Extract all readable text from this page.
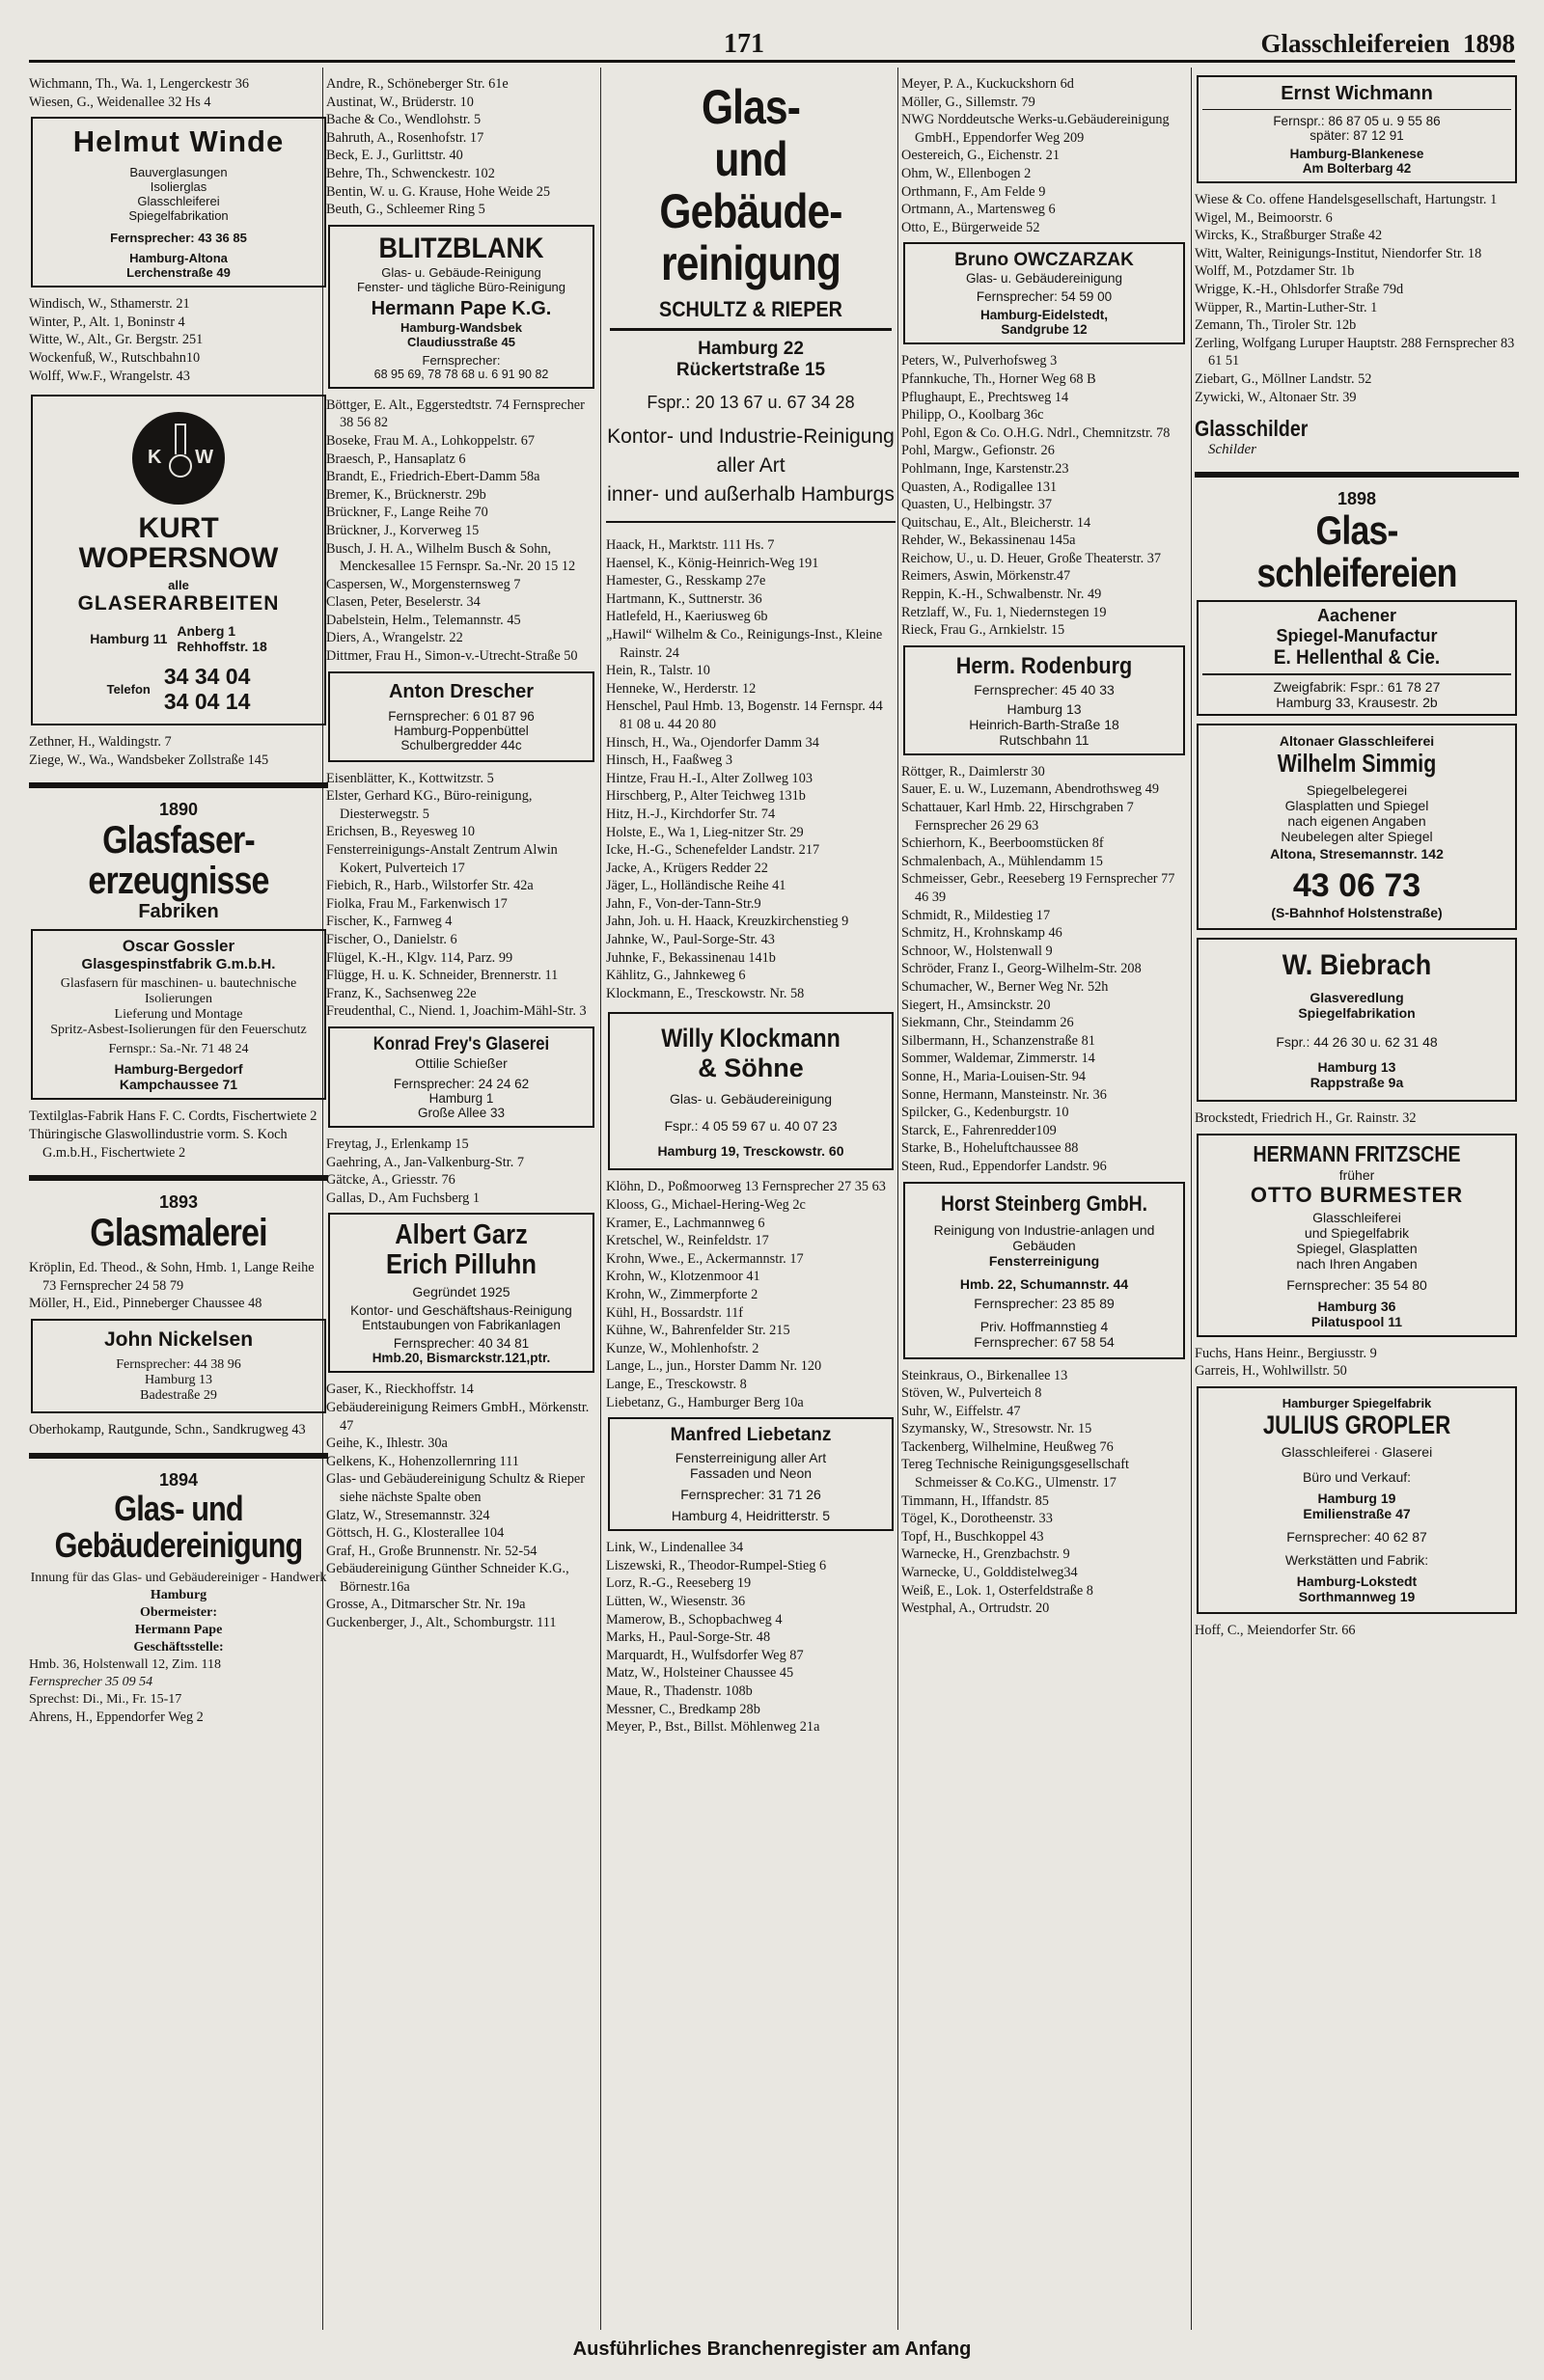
171	Glasschleifereien 1898
Wichmann, Th., Wa. 1, Lengerckestr 36
Wiesen, G., Weidenallee 32 Hs 4
Helmut Winde
Bauverglasungen
Isolierglas
Glasschleiferei
Spiegelfabrikation
Fernsprecher: 43 36 85
Hamburg-Altona
Lerchenstraße 49
Windisch, W., Sthamerstr. 21
Winter, P., Alt. 1, Boninstr 4
Witte, W., Alt., Gr. Bergstr. 251
Wockenfuß, W., Rutschbahn10
Wolff, Ww.F., Wrangelstr. 43
K W
KURT
WOPERSNOW
alle
GLASERARBEITEN
Hamburg 11 Anberg 1
Rehhoffstr. 18
Telefon 34 34 04
34 04 14
Zethner, H., Waldingstr. 7
Ziege, W., Wa., Wandsbeker Zollstraße 145
1890
Glasfaser-erzeugnisse
Fabriken
Oscar Gossler
Glasgespinstfabrik G.m.b.H.
Glasfasern für maschinen- u. bautechnische Isolierungen
Lieferung und Montage
Spritz-Asbest-Isolierungen für den Feuerschutz
Fernspr.: Sa.-Nr. 71 48 24
Hamburg-Bergedorf
Kampchaussee 71
Textilglas-Fabrik Hans F. C. Cordts, Fischertwiete 2
Thüringische Glaswollindustrie vorm. S. Koch G.m.b.H., Fischertwiete 2
1893
Glasmalerei
Kröplin, Ed. Theod., & Sohn, Hmb. 1, Lange Reihe 73 Fernsprecher 24 58 79
Möller, H., Eid., Pinneberger Chaussee 48
John Nickelsen
Fernsprecher: 44 38 96
Hamburg 13
Badestraße 29
Oberhokamp, Rautgunde, Schn., Sandkrugweg 43
1894
Glas- und Gebäudereinigung
Innung für das Glas- und Gebäudereiniger - Handwerk
Hamburg
Obermeister:
Hermann Pape
Geschäftsstelle:
Hmb. 36, Holstenwall 12, Zim. 118
Fernsprecher 35 09 54
Sprechst: Di., Mi., Fr. 15-17
Ahrens, H., Eppendorfer Weg 2
Andre, R., Schöneberger Str. 61e
Austinat, W., Brüderstr. 10
Bache & Co., Wendlohstr. 5
Bahruth, A., Rosenhofstr. 17
Beck, E. J., Gurlittstr. 40
Behre, Th., Schwenckestr. 102
Bentin, W. u. G. Krause, Hohe Weide 25
Beuth, G., Schleemer Ring 5
BLITZBLANK
Glas- u. Gebäude-Reinigung
Fenster- und tägliche Büro-Reinigung
Hermann Pape K.G.
Hamburg-Wandsbek
Claudiusstraße 45
Fernsprecher:
68 95 69, 78 78 68 u. 6 91 90 82
Böttger, E. Alt., Eggerstedtstr. 74 Fernsprecher 38 56 82
Boseke, Frau M. A., Lohkoppelstr. 67
Braesch, P., Hansaplatz 6
Brandt, E., Friedrich-Ebert-Damm 58a
Bremer, K., Brücknerstr. 29b
Brückner, F., Lange Reihe 70
Brückner, J., Korverweg 15
Busch, J. H. A., Wilhelm Busch & Sohn, Menckesallee 15 Fernspr. Sa.-Nr. 20 15 12
Caspersen, W., Morgensternsweg 7
Clasen, Peter, Beselerstr. 34
Dabelstein, Helm., Telemannstr. 45
Diers, A., Wrangelstr. 22
Dittmer, Frau H., Simon-v.-Utrecht-Straße 50
Anton Drescher
Fernsprecher: 6 01 87 96
Hamburg-Poppenbüttel
Schulbergredder 44c
Eisenblätter, K., Kottwitzstr. 5
Elster, Gerhard KG., Büro-reinigung, Diesterwegstr. 5
Erichsen, B., Reyesweg 10
Fensterreinigungs-Anstalt Zentrum Alwin Kokert, Pulverteich 17
Fiebich, R., Harb., Wilstorfer Str. 42a
Fiolka, Frau M., Farkenwisch 17
Fischer, K., Farnweg 4
Fischer, O., Danielstr. 6
Flügel, K.-H., Klgv. 114, Parz. 99
Flügge, H. u. K. Schneider, Brennerstr. 11
Franz, K., Sachsenweg 22e
Freudenthal, C., Niend. 1, Joachim-Mähl-Str. 3
Konrad Frey's Glaserei
Ottilie Schießer
Fernsprecher: 24 24 62
Hamburg 1
Große Allee 33
Freytag, J., Erlenkamp 15
Gaehring, A., Jan-Valkenburg-Str. 7
Gätcke, A., Griesstr. 76
Gallas, D., Am Fuchsberg 1
Albert Garz
Erich Pilluhn
Gegründet 1925
Kontor- und Geschäftshaus-Reinigung
Entstaubungen von Fabrikanlagen
Fernsprecher: 40 34 81
Hmb.20, Bismarckstr.121,ptr.
Gaser, K., Rieckhoffstr. 14
Gebäudereinigung Reimers GmbH., Mörkenstr. 47
Geihe, K., Ihlestr. 30a
Gelkens, K., Hohenzollernring 111
Glas- und Gebäudereinigung Schultz & Rieper siehe nächste Spalte oben
Glatz, W., Stresemannstr. 324
Göttsch, H. G., Klosterallee 104
Graf, H., Große Brunnenstr. Nr. 52-54
Gebäudereinigung Günther Schneider K.G., Börnestr.16a
Grosse, A., Ditmarscher Str. Nr. 19a
Guckenberger, J., Alt., Schomburgstr. 111
Glas-
und Gebäude-
reinigung
SCHULTZ & RIEPER
Hamburg 22
Rückertstraße 15
Fspr.: 20 13 67 u. 67 34 28
Kontor- und Industrie-Reinigung aller Art
inner- und außerhalb Hamburgs
Haack, H., Marktstr. 111 Hs. 7
Haensel, K., König-Heinrich-Weg 191
Hamester, G., Resskamp 27e
Hartmann, K., Suttnerstr. 36
Hatlefeld, H., Kaeriusweg 6b
„Hawil“ Wilhelm & Co., Reinigungs-Inst., Kleine Rainstr. 24
Hein, R., Talstr. 10
Henneke, W., Herderstr. 12
Henschel, Paul Hmb. 13, Bogenstr. 14 Fernspr. 44 81 08 u. 44 20 80
Hinsch, H., Wa., Ojendorfer Damm 34
Hinsch, H., Faaßweg 3
Hintze, Frau H.-I., Alter Zollweg 103
Hirschberg, P., Alter Teichweg 131b
Hitz, H.-J., Kirchdorfer Str. 74
Holste, E., Wa 1, Lieg-nitzer Str. 29
Icke, H.-G., Schenefelder Landstr. 217
Jacke, A., Krügers Redder 22
Jäger, L., Holländische Reihe 41
Jahn, F., Von-der-Tann-Str.9
Jahn, Joh. u. H. Haack, Kreuzkirchenstieg 9
Jahnke, W., Paul-Sorge-Str. 43
Juhnke, F., Bekassinenau 141b
Kählitz, G., Jahnkeweg 6
Klockmann, E., Tresckowstr. Nr. 58
Willy Klockmann
& Söhne
Glas- u. Gebäudereinigung
Fspr.: 4 05 59 67 u. 40 07 23
Hamburg 19, Tresckowstr. 60
Klöhn, D., Poßmoorweg 13 Fernsprecher 27 35 63
Klooss, G., Michael-Hering-Weg 2c
Kramer, E., Lachmannweg 6
Kretschel, W., Reinfeldstr. 17
Krohn, Wwe., E., Ackermannstr. 17
Krohn, W., Klotzenmoor 41
Krohn, W., Zimmerpforte 2
Kühl, H., Bossardstr. 11f
Kühne, W., Bahrenfelder Str. 215
Kunze, W., Mohlenhofstr. 2
Lange, L., jun., Horster Damm Nr. 120
Lange, E., Tresckowstr. 8
Liebetanz, G., Hamburger Berg 10a
Manfred Liebetanz
Fensterreinigung aller Art
Fassaden und Neon
Fernsprecher: 31 71 26
Hamburg 4, Heidritterstr. 5
Link, W., Lindenallee 34
Liszewski, R., Theodor-Rumpel-Stieg 6
Lorz, R.-G., Reeseberg 19
Lütten, W., Wiesenstr. 36
Mamerow, B., Schopbachweg 4
Marks, H., Paul-Sorge-Str. 48
Marquardt, H., Wulfsdorfer Weg 87
Matz, W., Holsteiner Chaussee 45
Maue, R., Thadenstr. 108b
Messner, C., Bredkamp 28b
Meyer, P., Bst., Billst. Möhlenweg 21a
Meyer, P. A., Kuckuckshorn 6d
Möller, G., Sillemstr. 79
NWG Norddeutsche Werks-u.Gebäudereinigung GmbH., Eppendorfer Weg 209
Oestereich, G., Eichenstr. 21
Ohm, W., Ellenbogen 2
Orthmann, F., Am Felde 9
Ortmann, A., Martensweg 6
Otto, E., Bürgerweide 52
Bruno OWCZARZAK
Glas- u. Gebäudereinigung
Fernsprecher: 54 59 00
Hamburg-Eidelstedt,
Sandgrube 12
Peters, W., Pulverhofsweg 3
Pfannkuche, Th., Horner Weg 68 B
Pflughaupt, E., Prechtsweg 14
Philipp, O., Koolbarg 36c
Pohl, Egon & Co. O.H.G. Ndrl., Chemnitzstr. 78
Pohl, Margw., Gefionstr. 26
Pohlmann, Inge, Karstenstr.23
Quasten, A., Rodigallee 131
Quasten, U., Helbingstr. 37
Quitschau, E., Alt., Bleicherstr. 14
Rehder, W., Bekassinenau 145a
Reichow, U., u. D. Heuer, Große Theaterstr. 37
Reimers, Aswin, Mörkenstr.47
Reppin, K.-H., Schwalbenstr. Nr. 49
Retzlaff, W., Fu. 1, Niedernstegen 19
Rieck, Frau G., Arnkielstr. 15
Herm. Rodenburg
Fernsprecher: 45 40 33
Hamburg 13
Heinrich-Barth-Straße 18
Rutschbahn 11
Röttger, R., Daimlerstr 30
Sauer, E. u. W., Luzemann, Abendrothsweg 49
Schattauer, Karl Hmb. 22, Hirschgraben 7 Fernsprecher 26 29 63
Schierhorn, K., Beerboomstücken 8f
Schmalenbach, A., Mühlendamm 15
Schmeisser, Gebr., Reeseberg 19 Fernsprecher 77 46 39
Schmidt, R., Mildestieg 17
Schmitz, H., Krohnskamp 46
Schnoor, W., Holstenwall 9
Schröder, Franz I., Georg-Wilhelm-Str. 208
Schumacher, W., Berner Weg Nr. 52h
Siegert, H., Amsinckstr. 20
Siekmann, Chr., Steindamm 26
Silbermann, H., Schanzenstraße 81
Sommer, Waldemar, Zimmerstr. 14
Sonne, H., Maria-Louisen-Str. 94
Sonne, Hermann, Mansteinstr. Nr. 36
Spilcker, G., Kedenburgstr. 10
Starck, E., Fahrenredder109
Starke, B., Hoheluftchaussee 88
Steen, Rud., Eppendorfer Landstr. 96
Horst Steinberg GmbH.
Reinigung von Industrie-anlagen und Gebäuden
Fensterreinigung
Hmb. 22, Schumannstr. 44
Fernsprecher: 23 85 89
Priv. Hoffmannstieg 4
Fernsprecher: 67 58 54
Steinkraus, O., Birkenallee 13
Stöven, W., Pulverteich 8
Suhr, W., Eiffelstr. 47
Szymansky, W., Stresowstr. Nr. 15
Tackenberg, Wilhelmine, Heußweg 76
Tereg Technische Reinigungsgesellschaft Schmeisser & Co.KG., Ulmenstr. 17
Timmann, H., Iffandstr. 85
Tögel, K., Dorotheenstr. 33
Topf, H., Buschkoppel 43
Warnecke, H., Grenzbachstr. 9
Warnecke, U., Golddistelweg34
Weiß, E., Lok. 1, Osterfeldstraße 8
Westphal, A., Ortrudstr. 20
Ernst Wichmann
Fernspr.: 86 87 05 u. 9 55 86
später: 87 12 91
Hamburg-Blankenese
Am Bolterbarg 42
Wiese & Co. offene Handelsgesellschaft, Hartungstr. 1
Wigel, M., Beimoorstr. 6
Wircks, K., Straßburger Straße 42
Witt, Walter, Reinigungs-Institut, Niendorfer Str. 18
Wolff, M., Potzdamer Str. 1b
Wrigge, K.-H., Ohlsdorfer Straße 79d
Wüpper, R., Martin-Luther-Str. 1
Zemann, Th., Tiroler Str. 12b
Zerling, Wolfgang Luruper Hauptstr. 288 Fernsprecher 83 61 51
Ziebart, G., Möllner Landstr. 52
Zywicki, W., Altonaer Str. 39
Glasschilder
Schilder
1898
Glas-schleifereien
Aachener
Spiegel-Manufactur
E. Hellenthal & Cie.
Zweigfabrik: Fspr.: 61 78 27
Hamburg 33, Krausestr. 2b
Altonaer Glasschleiferei
Wilhelm Simmig
Spiegelbelegerei
Glasplatten und Spiegel
nach eigenen Angaben
Neubelegen alter Spiegel
Altona, Stresemannstr. 142
43 06 73
(S-Bahnhof Holstenstraße)
W. Biebrach
Glasveredlung
Spiegelfabrikation
Fspr.: 44 26 30 u. 62 31 48
Hamburg 13
Rappstraße 9a
Brockstedt, Friedrich H., Gr. Rainstr. 32
HERMANN FRITZSCHE
früher
OTTO BURMESTER
Glasschleiferei
und Spiegelfabrik
Spiegel, Glasplatten
nach Ihren Angaben
Fernsprecher: 35 54 80
Hamburg 36
Pilatuspool 11
Fuchs, Hans Heinr., Bergiusstr. 9
Garreis, H., Wohlwillstr. 50
Hamburger Spiegelfabrik
JULIUS GROPLER
Glasschleiferei · Glaserei
Büro und Verkauf:
Hamburg 19
Emilienstraße 47
Fernsprecher: 40 62 87
Werkstätten und Fabrik:
Hamburg-Lokstedt
Sorthmannweg 19
Hoff, C., Meiendorfer Str. 66
Ausführliches Branchenregister am Anfang
